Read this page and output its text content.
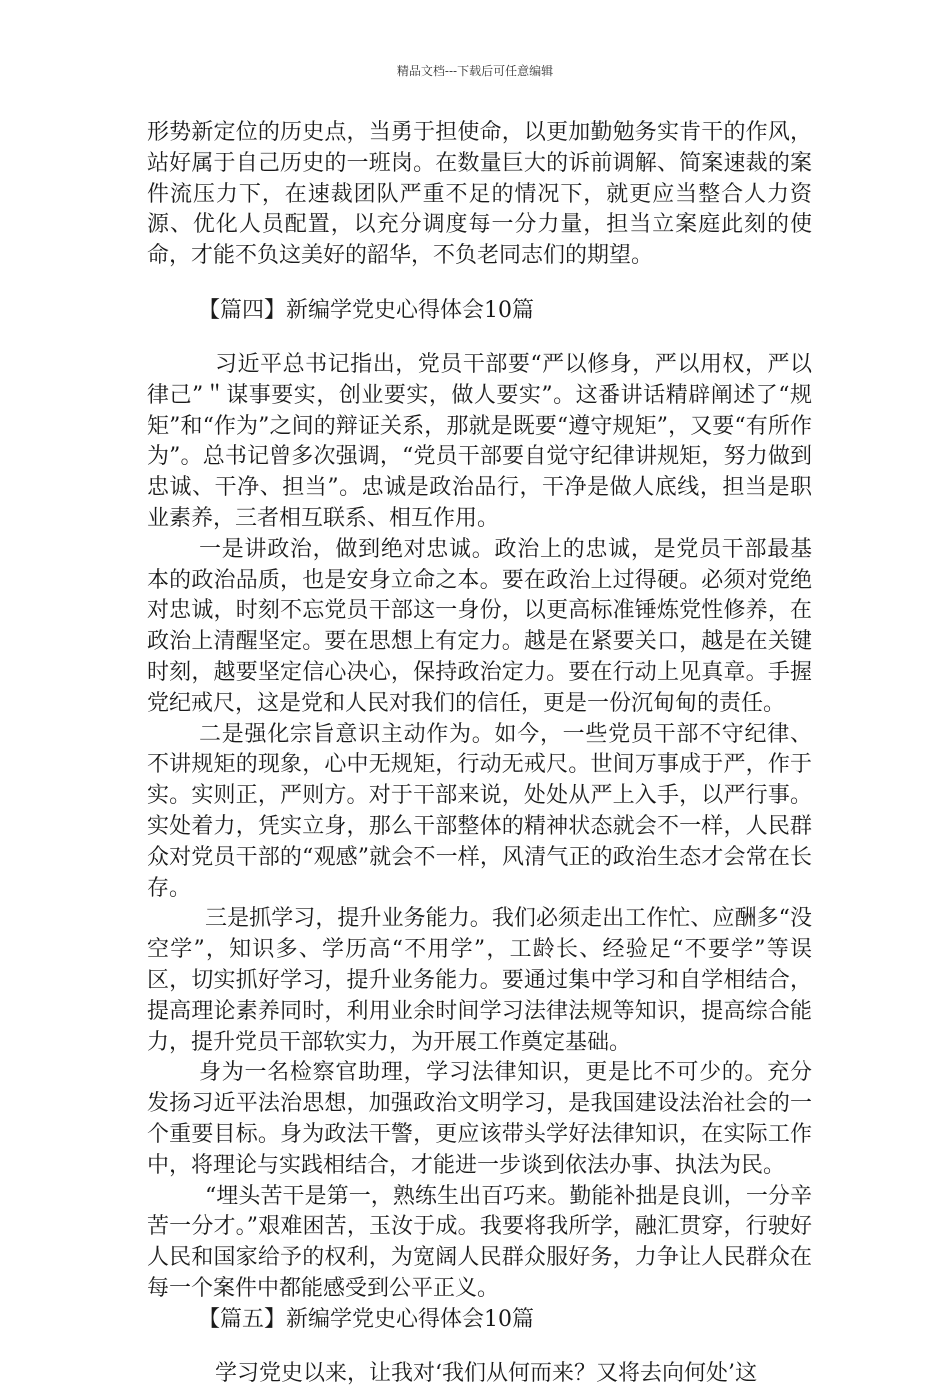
精品文档---下载后可任意编辑

形势新定位的历史点，当勇于担使命，以更加勤勉务实肯干的作风，站好属于自己历史的一班岗。在数量巨大的诉前调解、简案速裁的案件流压力下，在速裁团队严重不足的情况下，就更应当整合人力资源、优化人员配置，以充分调度每一分力量，担当立案庭此刻的使命，才能不负这美好的韶华，不负老同志们的期望。

【篇四】新编学党史心得体会10篇

习近平总书记指出，党员干部要“严以修身，严以用权，严以律己”＂谋事要实，创业要实，做人要实”。这番讲话精辟阐述了“规矩”和“作为”之间的辩证关系，那就是既要“遵守规矩”，又要“有所作为”。总书记曾多次强调，“党员干部要自觉守纪律讲规矩，努力做到忠诚、干净、担当”。忠诚是政治品行，干净是做人底线，担当是职业素养，三者相互联系、相互作用。

一是讲政治，做到绝对忠诚。政治上的忠诚，是党员干部最基本的政治品质，也是安身立命之本。要在政治上过得硬。必须对党绝对忠诚，时刻不忘党员干部这一身份，以更高标准锤炼党性修养，在政治上清醒坚定。要在思想上有定力。越是在紧要关口，越是在关键时刻，越要坚定信心决心，保持政治定力。要在行动上见真章。手握党纪戒尺，这是党和人民对我们的信任，更是一份沉甸甸的责任。

二是强化宗旨意识主动作为。如今，一些党员干部不守纪律、不讲规矩的现象，心中无规矩，行动无戒尺。世间万事成于严，作于实。实则正，严则方。对于干部来说，处处从严上入手，以严行事。实处着力，凭实立身，那么干部整体的精神状态就会不一样，人民群众对党员干部的“观感”就会不一样，风清气正的政治生态才会常在长存。

三是抓学习，提升业务能力。我们必须走出工作忙、应酬多“没空学”，知识多、学历高“不用学”，工龄长、经验足“不要学”等误区，切实抓好学习，提升业务能力。要通过集中学习和自学相结合，提高理论素养同时，利用业余时间学习法律法规等知识，提高综合能力，提升党员干部软实力，为开展工作奠定基础。

身为一名检察官助理，学习法律知识，更是比不可少的。充分发扬习近平法治思想，加强政治文明学习，是我国建设法治社会的一个重要目标。身为政法干警，更应该带头学好法律知识，在实际工作中，将理论与实践相结合，才能进一步谈到依法办事、执法为民。

“埋头苦干是第一，熟练生出百巧来。勤能补拙是良训，一分辛苦一分才。”艰难困苦，玉汝于成。我要将我所学，融汇贯穿，行驶好人民和国家给予的权利，为宽阔人民群众服好务，力争让人民群众在每一个案件中都能感受到公平正义。

【篇五】新编学党史心得体会10篇

学习党史以来，让我对‘我们从何而来？又将去向何处’这
